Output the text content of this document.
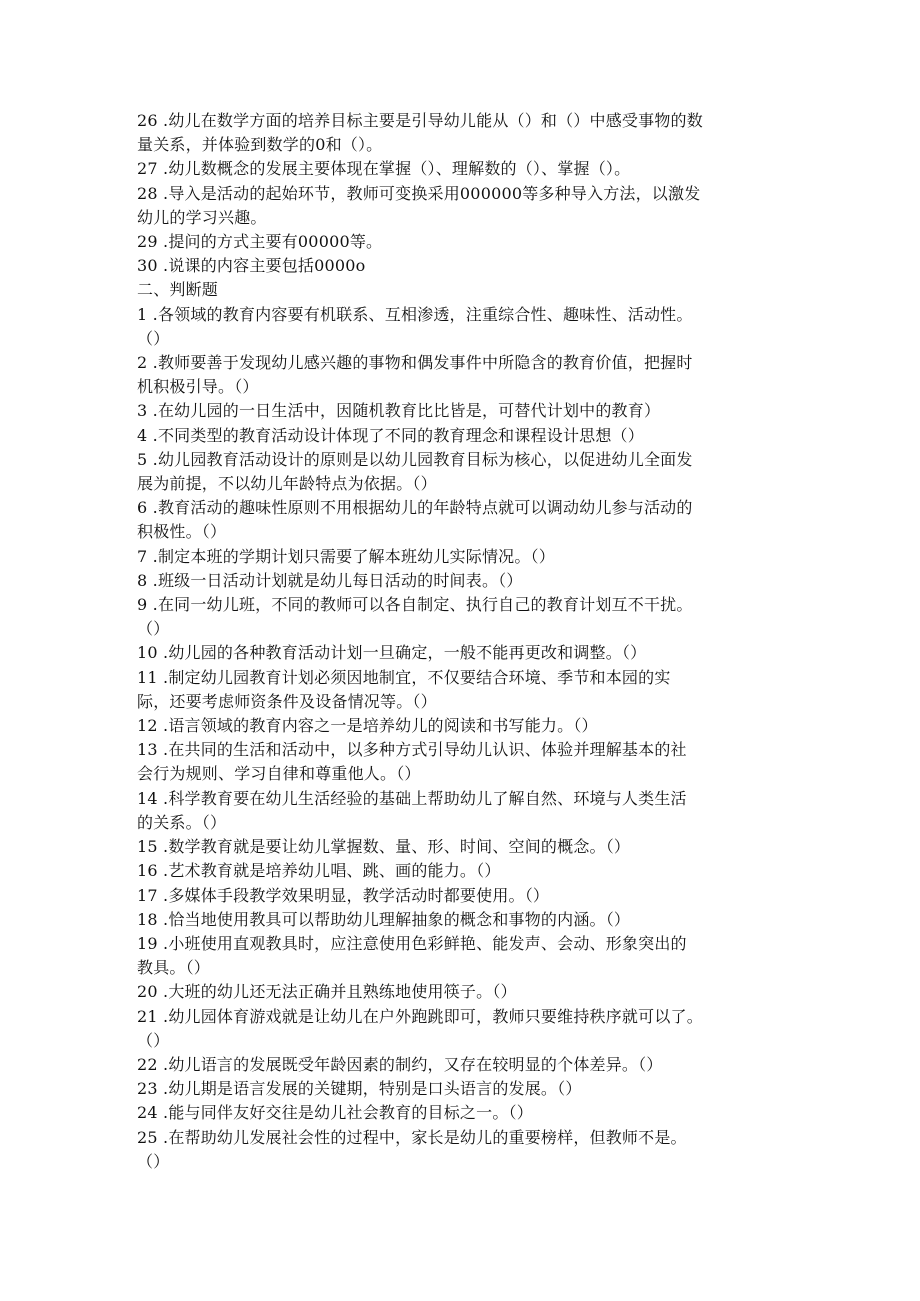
26 .幼儿在数学方面的培养目标主要是引导幼儿能从（）和（）中感受事物的数
量关系，并体验到数学的0和（）。
27 .幼儿数概念的发展主要体现在掌握（）、理解数的（）、掌握（）。
28 .导入是活动的起始环节，教师可变换采用000000等多种导入方法，以激发
幼儿的学习兴趣。
29 .提问的方式主要有00000等。
30 .说课的内容主要包括0000o
二、判断题
1 .各领域的教育内容要有机联系、互相渗透，注重综合性、趣味性、活动性。
（）
2 .教师要善于发现幼儿感兴趣的事物和偶发事件中所隐含的教育价值，把握时
机积极引导。（）
3 .在幼儿园的一日生活中，因随机教育比比皆是，可替代计划中的教育）
4 .不同类型的教育活动设计体现了不同的教育理念和课程设计思想（）
5 .幼儿园教育活动设计的原则是以幼儿园教育目标为核心，以促进幼儿全面发
展为前提，不以幼儿年龄特点为依据。（）
6 .教育活动的趣味性原则不用根据幼儿的年龄特点就可以调动幼儿参与活动的
积极性。（）
7 .制定本班的学期计划只需要了解本班幼儿实际情况。（）
8 .班级一日活动计划就是幼儿每日活动的时间表。（）
9 .在同一幼儿班，不同的教师可以各自制定、执行自己的教育计划互不干扰。
（）
10 .幼儿园的各种教育活动计划一旦确定，一般不能再更改和调整。（）
11 .制定幼儿园教育计划必须因地制宜，不仅要结合环境、季节和本园的实
际，还要考虑师资条件及设备情况等。（）
12 .语言领域的教育内容之一是培养幼儿的阅读和书写能力。（）
13 .在共同的生活和活动中，以多种方式引导幼儿认识、体验并理解基本的社
会行为规则、学习自律和尊重他人。（）
14 .科学教育要在幼儿生活经验的基础上帮助幼儿了解自然、环境与人类生活
的关系。（）
15 .数学教育就是要让幼儿掌握数、量、形、时间、空间的概念。（）
16 .艺术教育就是培养幼儿唱、跳、画的能力。（）
17 .多媒体手段教学效果明显，教学活动时都要使用。（）
18 .恰当地使用教具可以帮助幼儿理解抽象的概念和事物的内涵。（）
19 .小班使用直观教具时，应注意使用色彩鲜艳、能发声、会动、形象突出的
教具。（）
20 .大班的幼儿还无法正确并且熟练地使用筷子。（）
21 .幼儿园体育游戏就是让幼儿在户外跑跳即可，教师只要维持秩序就可以了。
（）
22 .幼儿语言的发展既受年龄因素的制约，又存在较明显的个体差异。（）
23 .幼儿期是语言发展的关键期，特别是口头语言的发展。（）
24 .能与同伴友好交往是幼儿社会教育的目标之一。（）
25 .在帮助幼儿发展社会性的过程中，家长是幼儿的重要榜样，但教师不是。
（）
